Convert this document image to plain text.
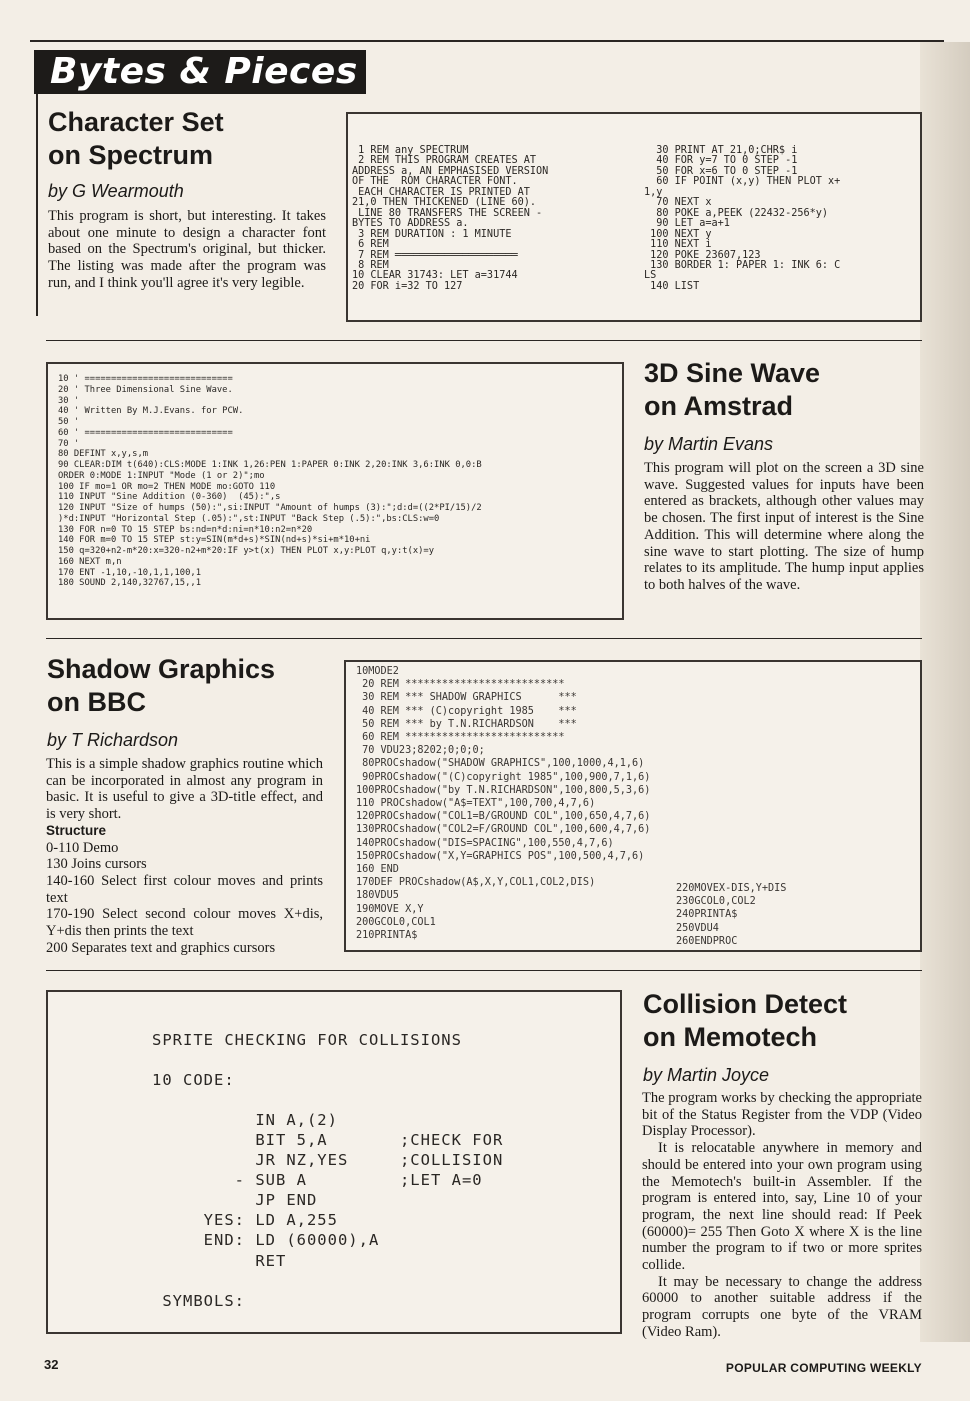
Bytes & Pieces
Character Set
on Spectrum
by G Wearmouth

This program is short, but interesting. It takes about one minute to design a character font based on the Spectrum's original, but thicker. The listing was made after the program was run, and I think you'll agree it's very legible.

1 REM any SPECTRUM
2 REM THIS PROGRAM CREATES AT
ADDRESS a, AN EMPHASISED VERSION
OF THE  ROM CHARACTER FONT.
EACH CHARACTER IS PRINTED AT
21,0 THEN THICKENED (LINE 60).
LINE 80 TRANSFERS THE SCREEN -
BYTES TO ADDRESS a.
3 REM DURATION : 1 MINUTE
6 REM
7 REM ════════════════════
8 REM
10 CLEAR 31743: LET a=31744
20 FOR i=32 TO 127
30 PRINT AT 21,0;CHR$ i
40 FOR y=7 TO 0 STEP -1
50 FOR x=6 TO 0 STEP -1
60 IF POINT (x,y) THEN PLOT x+
1,y
70 NEXT x
80 POKE a,PEEK (22432-256*y)
90 LET a=a+1
100 NEXT y
110 NEXT i
120 POKE 23607,123
130 BORDER 1: PAPER 1: INK 6: C
LS
140 LIST
10 ' ============================
20 ' Three Dimensional Sine Wave.
30 '
40 ' Written By M.J.Evans. for PCW.
50 '
60 ' ============================
70 '
80 DEFINT x,y,s,m
90 CLEAR:DIM t(640):CLS:MODE 1:INK 1,26:PEN 1:PAPER 0:INK 2,20:INK 3,6:INK 0,0:B
ORDER 0:MODE 1:INPUT "Mode (1 or 2)";mo
100 IF mo=1 OR mo=2 THEN MODE mo:GOTO 110
110 INPUT "Sine Addition (0-360)  (45):",s
120 INPUT "Size of humps (50):",si:INPUT "Amount of humps (3):";d:d=((2*PI/15)/2
)*d:INPUT "Horizontal Step (.05):",st:INPUT "Back Step (.5):",bs:CLS:w=0
130 FOR n=0 TO 15 STEP bs:nd=n*d:ni=n*10:n2=n*20
140 FOR m=0 TO 15 STEP st:y=SIN(m*d+s)*SIN(nd+s)*si+m*10+ni
150 q=320+n2-m*20:x=320-n2+m*20:IF y>t(x) THEN PLOT x,y:PLOT q,y:t(x)=y
160 NEXT m,n
170 ENT -1,10,-10,1,1,100,1
180 SOUND 2,140,32767,15,,1
3D Sine Wave
on Amstrad
by Martin Evans

This program will plot on the screen a 3D sine wave. Suggested values for inputs have been entered as brackets, although other values may be chosen. The first input of interest is the Sine Addition. This will determine where along the sine wave to start plotting. The size of hump relates to its amplitude. The hump input applies to both halves of the wave.

Shadow Graphics
on BBC
by T Richardson

This is a simple shadow graphics routine which can be incorporated in almost any program in basic. It is useful to give a 3D-title effect, and is very short.

Structure

0-110 Demo

130 Joins cursors

140-160 Select first colour moves and prints text

170-190 Select second colour moves X+dis, Y+dis then prints the text

200 Separates text and graphics cursors

10MODE2
20 REM **************************
30 REM *** SHADOW GRAPHICS      ***
40 REM *** (C)copyright 1985    ***
50 REM *** by T.N.RICHARDSON    ***
60 REM **************************
70 VDU23;8202;0;0;0;
80PROCshadow("SHADOW GRAPHICS",100,1000,4,1,6)
90PROCshadow("(C)copyright 1985",100,900,7,1,6)
100PROCshadow("by T.N.RICHARDSON",100,800,5,3,6)
110 PROCshadow("A$=TEXT",100,700,4,7,6)
120PROCshadow("COL1=B/GROUND COL",100,650,4,7,6)
130PROCshadow("COL2=F/GROUND COL",100,600,4,7,6)
140PROCshadow("DIS=SPACING",100,550,4,7,6)
150PROCshadow("X,Y=GRAPHICS POS",100,500,4,7,6)
160 END
170DEF PROCshadow(A$,X,Y,COL1,COL2,DIS)
180VDU5
190MOVE X,Y
200GCOL0,COL1
210PRINTA$
220MOVEX-DIS,Y+DIS
230GCOL0,COL2
240PRINTA$
250VDU4
260ENDPROC
SPRITE CHECKING FOR COLLISIONS

10 CODE:

IN A,(2)
BIT 5,A       ;CHECK FOR
JR NZ,YES     ;COLLISION
- SUB A         ;LET A=0
JP END
YES: LD A,255
END: LD (60000),A
RET

SYMBOLS:
Collision Detect
on Memotech
by Martin Joyce

The program works by checking the appropriate bit of the Status Register from the VDP (Video Display Processor).

It is relocatable anywhere in memory and should be entered into your own program using the Memotech's built-in Assembler. If the program is entered into, say, Line 10 of your program, the next line should read: If Peek (60000)= 255 Then Goto X where X is the line number the program to if two or more sprites collide.

It may be necessary to change the address 60000 to another suitable address if the program corrupts one byte of the VRAM (Video Ram).

32	POPULAR COMPUTING WEEKLY
